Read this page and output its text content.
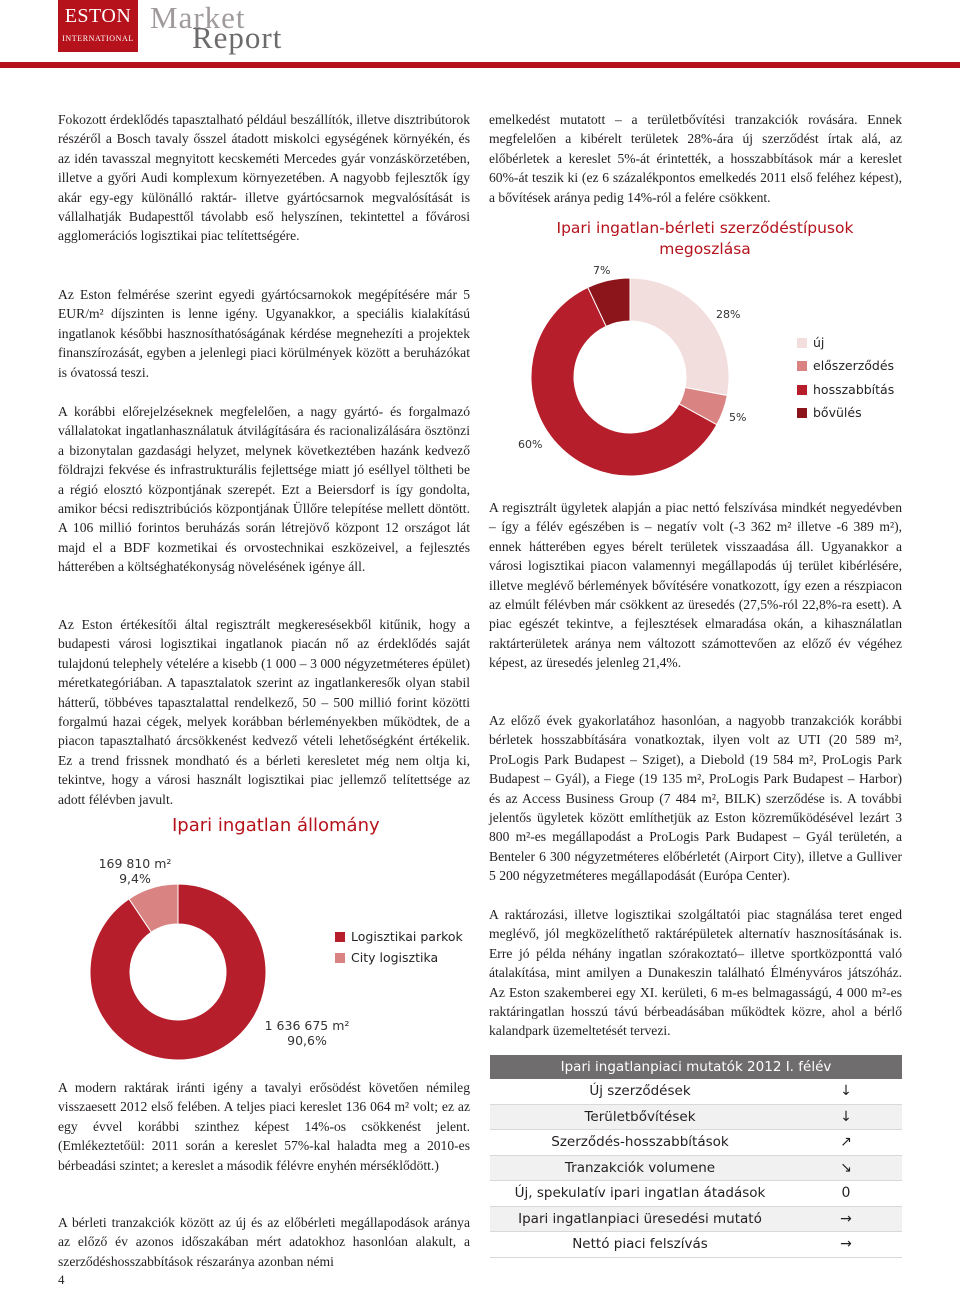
ESTON
INTERNATIONAL
Market
Report

Fokozott érdeklődés tapasztalható például beszállítók, illetve disztribútorok részéről a Bosch tavaly ősszel átadott miskolci egységének környékén, és az idén tavasszal megnyitott kecskeméti Mercedes gyár vonzáskörzetében, illetve a győri Audi komplexum környezetében. A nagyobb fejlesztők így akár egy-egy különálló raktár- illetve gyártócsarnok megvalósítását is vállalhatják Budapesttől távolabb eső helyszínen, tekintettel a fővárosi agglomerációs logisztikai piac telítettségére.

Az Eston felmérése szerint egyedi gyártócsarnokok megépítésére már 5 EUR/m² díjszinten is lenne igény. Ugyanakkor, a speciális kialakítású ingatlanok későbbi hasznosíthatóságának kérdése megnehezíti a projektek finanszírozását, egyben a jelenlegi piaci körülmények között a beruházókat is óvatossá teszi.

A korábbi előrejelzéseknek megfelelően, a nagy gyártó- és forgalmazó vállalatokat ingatlanhasználatuk átvilágítására és racionalizálására ösztönzi a bizonytalan gazdasági helyzet, melynek következtében hazánk kedvező földrajzi fekvése és infrastrukturális fejlettsége miatt jó eséllyel töltheti be a régió elosztó központjának szerepét. Ezt a Beiersdorf is így gondolta, amikor bécsi redisztribúciós központjának Üllőre telepítése mellett döntött. A 106 millió forintos beruházás során létrejövő központ 12 országot lát majd el a BDF kozmetikai és orvostechnikai eszközeivel, a fejlesztés hátterében a költséghatékonyság növelésének igénye áll.

Az Eston értékesítői által regisztrált megkeresésekből kitűnik, hogy a budapesti városi logisztikai ingatlanok piacán nő az érdeklődés saját tulajdonú telephely vételére a kisebb (1 000 – 3 000 négyzetméteres épület) méretkategóriában. A tapasztalatok szerint az ingatlankeresők olyan stabil hátterű, többéves tapasztalattal rendelkező, 50 – 500 millió forint közötti forgalmú hazai cégek, melyek korábban bérleményekben működtek, de a piacon tapasztalható árcsökkenést kedvező vételi lehetőségként értékelik. Ez a trend frissnek mondható és a bérleti keresletet még nem oltja ki, tekintve, hogy a városi használt logisztikai piac jellemző telítettsége az adott félévben javult.

Ipari ingatlan állomány
169 810 m²
9,4%
1 636 675 m²
90,6%
Logisztikai parkok
City logisztika

A modern raktárak iránti igény a tavalyi erősödést követően némileg visszaesett 2012 első felében. A teljes piaci kereslet 136 064 m² volt; ez az egy évvel korábbi szinthez képest 14%-os csökkenést jelent. (Emlékeztetőül: 2011 során a kereslet 57%-kal haladta meg a 2010-es bérbeadási szintet; a kereslet a második félévre enyhén mérséklődött.)

A bérleti tranzakciók között az új és az előbérleti megállapodások aránya az előző év azonos időszakában mért adatokhoz hasonlóan alakult, a szerződéshosszabbítások részaránya azonban némi

emelkedést mutatott – a területbővítési tranzakciók rovására. Ennek megfelelően a kibérelt területek 28%-ára új szerződést írtak alá, az előbérletek a kereslet 5%-át érintették, a hosszabbítások már a kereslet 60%-át teszik ki (ez 6 százalékpontos emelkedés 2011 első feléhez képest), a bővítések aránya pedig 14%-ról a felére csökkent.

Ipari ingatlan-bérleti szerződéstípusok
megoszlása
7%
28%
5%
60%
új
előszerződés
hosszabbítás
bővülés

A regisztrált ügyletek alapján a piac nettó felszívása mindkét negyedévben – így a félév egészében is – negatív volt (-3 362 m² illetve -6 389 m²), ennek hátterében egyes bérelt területek visszaadása áll. Ugyanakkor a városi logisztikai piacon valamennyi megállapodás új terület kibérlésére, illetve meglévő bérlemények bővítésére vonatkozott, így ezen a részpiacon az elmúlt félévben már csökkent az üresedés (27,5%-ról 22,8%-ra esett). A piac egészét tekintve, a fejlesztések elmaradása okán, a kihasználatlan raktárterületek aránya nem változott számottevően az előző év végéhez képest, az üresedés jelenleg 21,4%.

Az előző évek gyakorlatához hasonlóan, a nagyobb tranzakciók korábbi bérletek hosszabbítására vonatkoztak, ilyen volt az UTI (20 589 m², ProLogis Park Budapest – Sziget), a Diebold (19 584 m², ProLogis Park Budapest – Gyál), a Fiege (19 135 m², ProLogis Park Budapest – Harbor) és az Access Business Group (7 484 m², BILK) szerződése is. A további jelentős ügyletek között említhetjük az Eston közreműködésével lezárt 3 800 m²-es megállapodást a ProLogis Park Budapest – Gyál területén, a Benteler 6 300 négyzetméteres előbérletét (Airport City), illetve a Gulliver 5 200 négyzetméteres megállapodását (Európa Center).

A raktározási, illetve logisztikai szolgáltatói piac stagnálása teret enged meglévő, jól megközelíthető raktárépületek alternatív hasznosításának is. Erre jó példa néhány ingatlan szórakoztató– illetve sportközponttá való átalakítása, mint amilyen a Dunakeszin található Élményváros játszóház. Az Eston szakemberei egy XI. kerületi, 6 m-es belmagasságú, 4 000 m²-es raktáringatlan hosszú távú bérbeadásában működtek közre, ahol a bérlő kalandpark üzemeltetését tervezi.

Ipari ingatlanpiaci mutatók 2012 I. félév	
Új szerződések	↓
Területbővítések	↓
Szerződés-hosszabbítások	↗
Tranzakciók volumene	↘
Új, spekulatív ipari ingatlan átadások	0
Ipari ingatlanpiaci üresedési mutató	→
Nettó piaci felszívás	→
4
